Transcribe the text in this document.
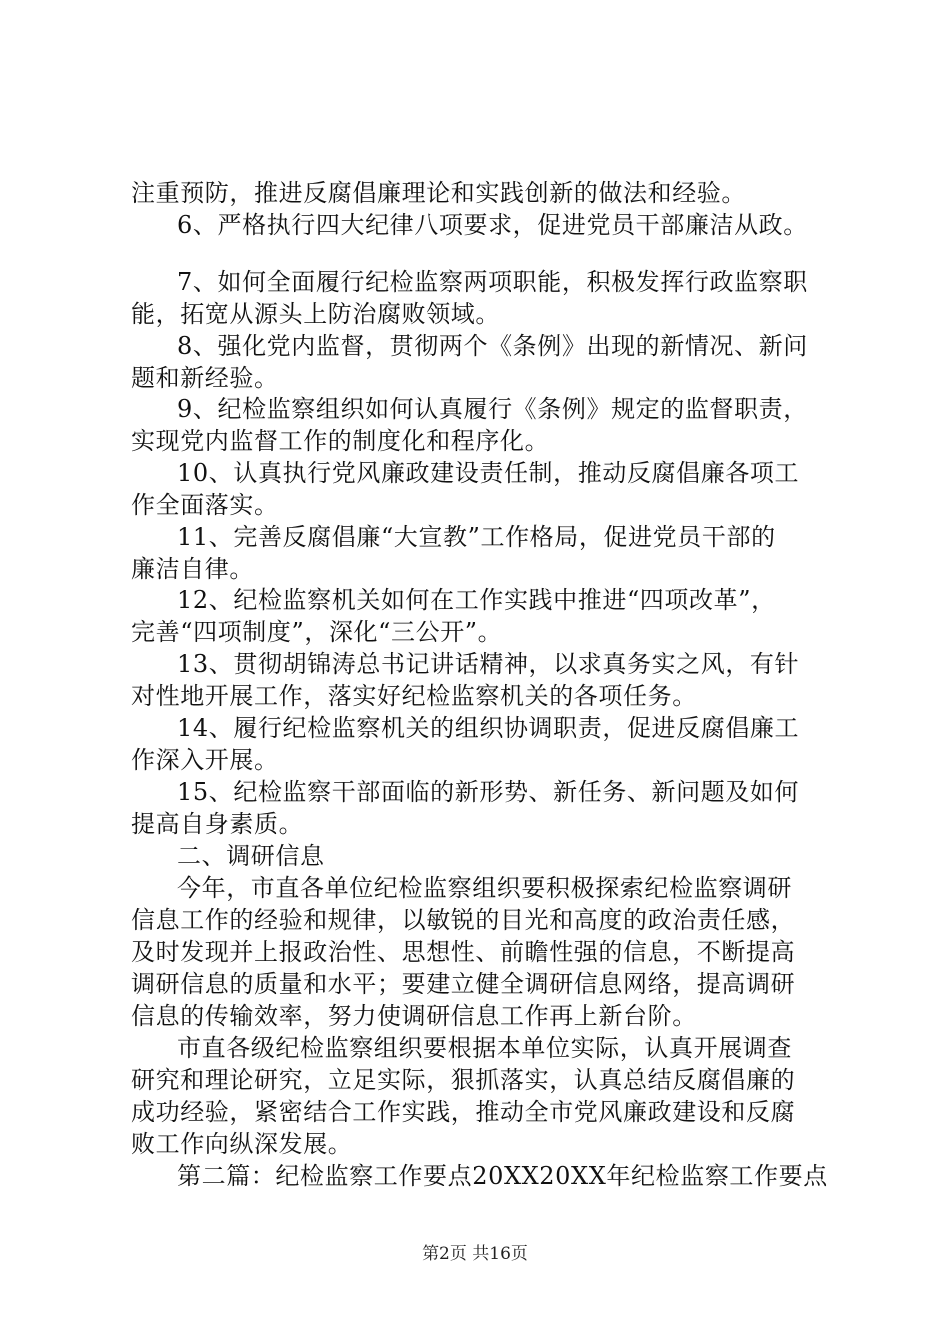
注重预防，推进反腐倡廉理论和实践创新的做法和经验。
6、严格执行四大纪律八项要求，促进党员干部廉洁从政。
7、如何全面履行纪检监察两项职能，积极发挥行政监察职
能，拓宽从源头上防治腐败领域。
8、强化党内监督，贯彻两个《条例》出现的新情况、新问
题和新经验。
9、纪检监察组织如何认真履行《条例》规定的监督职责，
实现党内监督工作的制度化和程序化。
10、认真执行党风廉政建设责任制，推动反腐倡廉各项工
作全面落实。
11、完善反腐倡廉“大宣教”工作格局，促进党员干部的
廉洁自律。
12、纪检监察机关如何在工作实践中推进“四项改革”，
完善“四项制度”，深化“三公开”。
13、贯彻胡锦涛总书记讲话精神，以求真务实之风，有针
对性地开展工作，落实好纪检监察机关的各项任务。
14、履行纪检监察机关的组织协调职责，促进反腐倡廉工
作深入开展。
15、纪检监察干部面临的新形势、新任务、新问题及如何
提高自身素质。
二、调研信息
今年，市直各单位纪检监察组织要积极探索纪检监察调研
信息工作的经验和规律，以敏锐的目光和高度的政治责任感，
及时发现并上报政治性、思想性、前瞻性强的信息，不断提高
调研信息的质量和水平；要建立健全调研信息网络，提高调研
信息的传输效率，努力使调研信息工作再上新台阶。
市直各级纪检监察组织要根据本单位实际，认真开展调查
研究和理论研究，立足实际，狠抓落实，认真总结反腐倡廉的
成功经验，紧密结合工作实践，推动全市党风廉政建设和反腐
败工作向纵深发展。
第二篇：纪检监察工作要点20XX20XX年纪检监察工作要点
第2页 共16页
